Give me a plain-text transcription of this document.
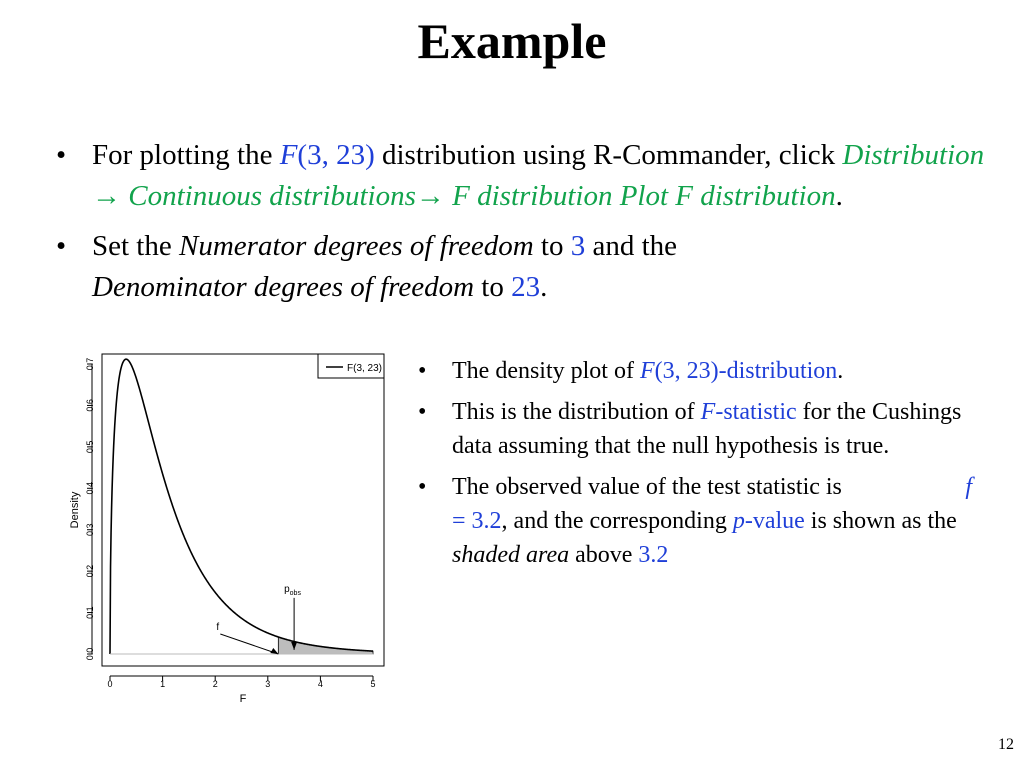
Example
• For plotting the F(3, 23) distribution using R-Commander, click Distribution → Continuous distributions→ F distribution Plot F distribution.
• Set the Numerator degrees of freedom to 3 and the
Denominator degrees of freedom to 23.
0	1	2	3	4	5
0.0
0.1
0.2
0.3
0.4
0.5
0.6
0.7	F(3, 23)
f
$p_{obs}$
F
Density
• The density plot of F(3, 23)-distribution.
• This is the distribution of F-statistic for the Cushings data assuming that the null hypothesis is true.
• The observed value of the test statistic is	f

= 3.2, and the corresponding p-value is shown as the shaded area above 3.2
12
